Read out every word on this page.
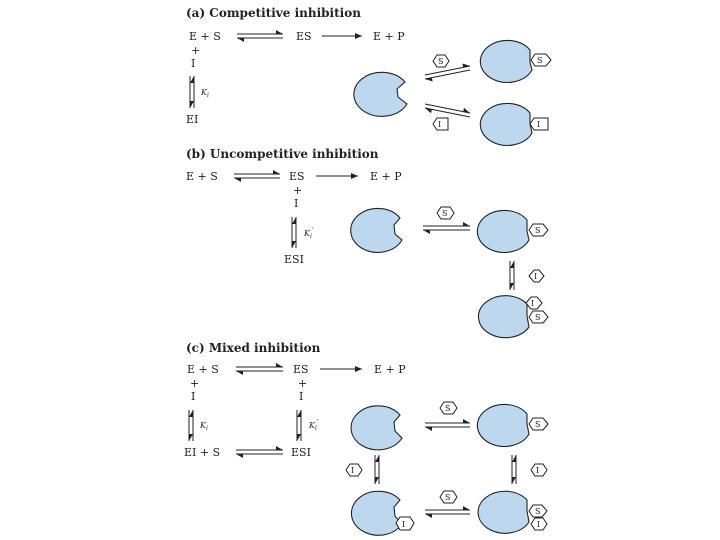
(a) Competitive inhibition
E + S	ES	E + P
+
I
$K_i$
EI
S	S
I	I
(b) Uncompetitive inhibition
E + S	ES	E + P
+
I
$K_i'$
ESI
S
S
I
S
I
(c) Mixed inhibition
E + S	ES	E + P
+
I
+
I
$K_i$	$K_i'$
EI + S	ESI
S
S
I	I
I
S
S
I
